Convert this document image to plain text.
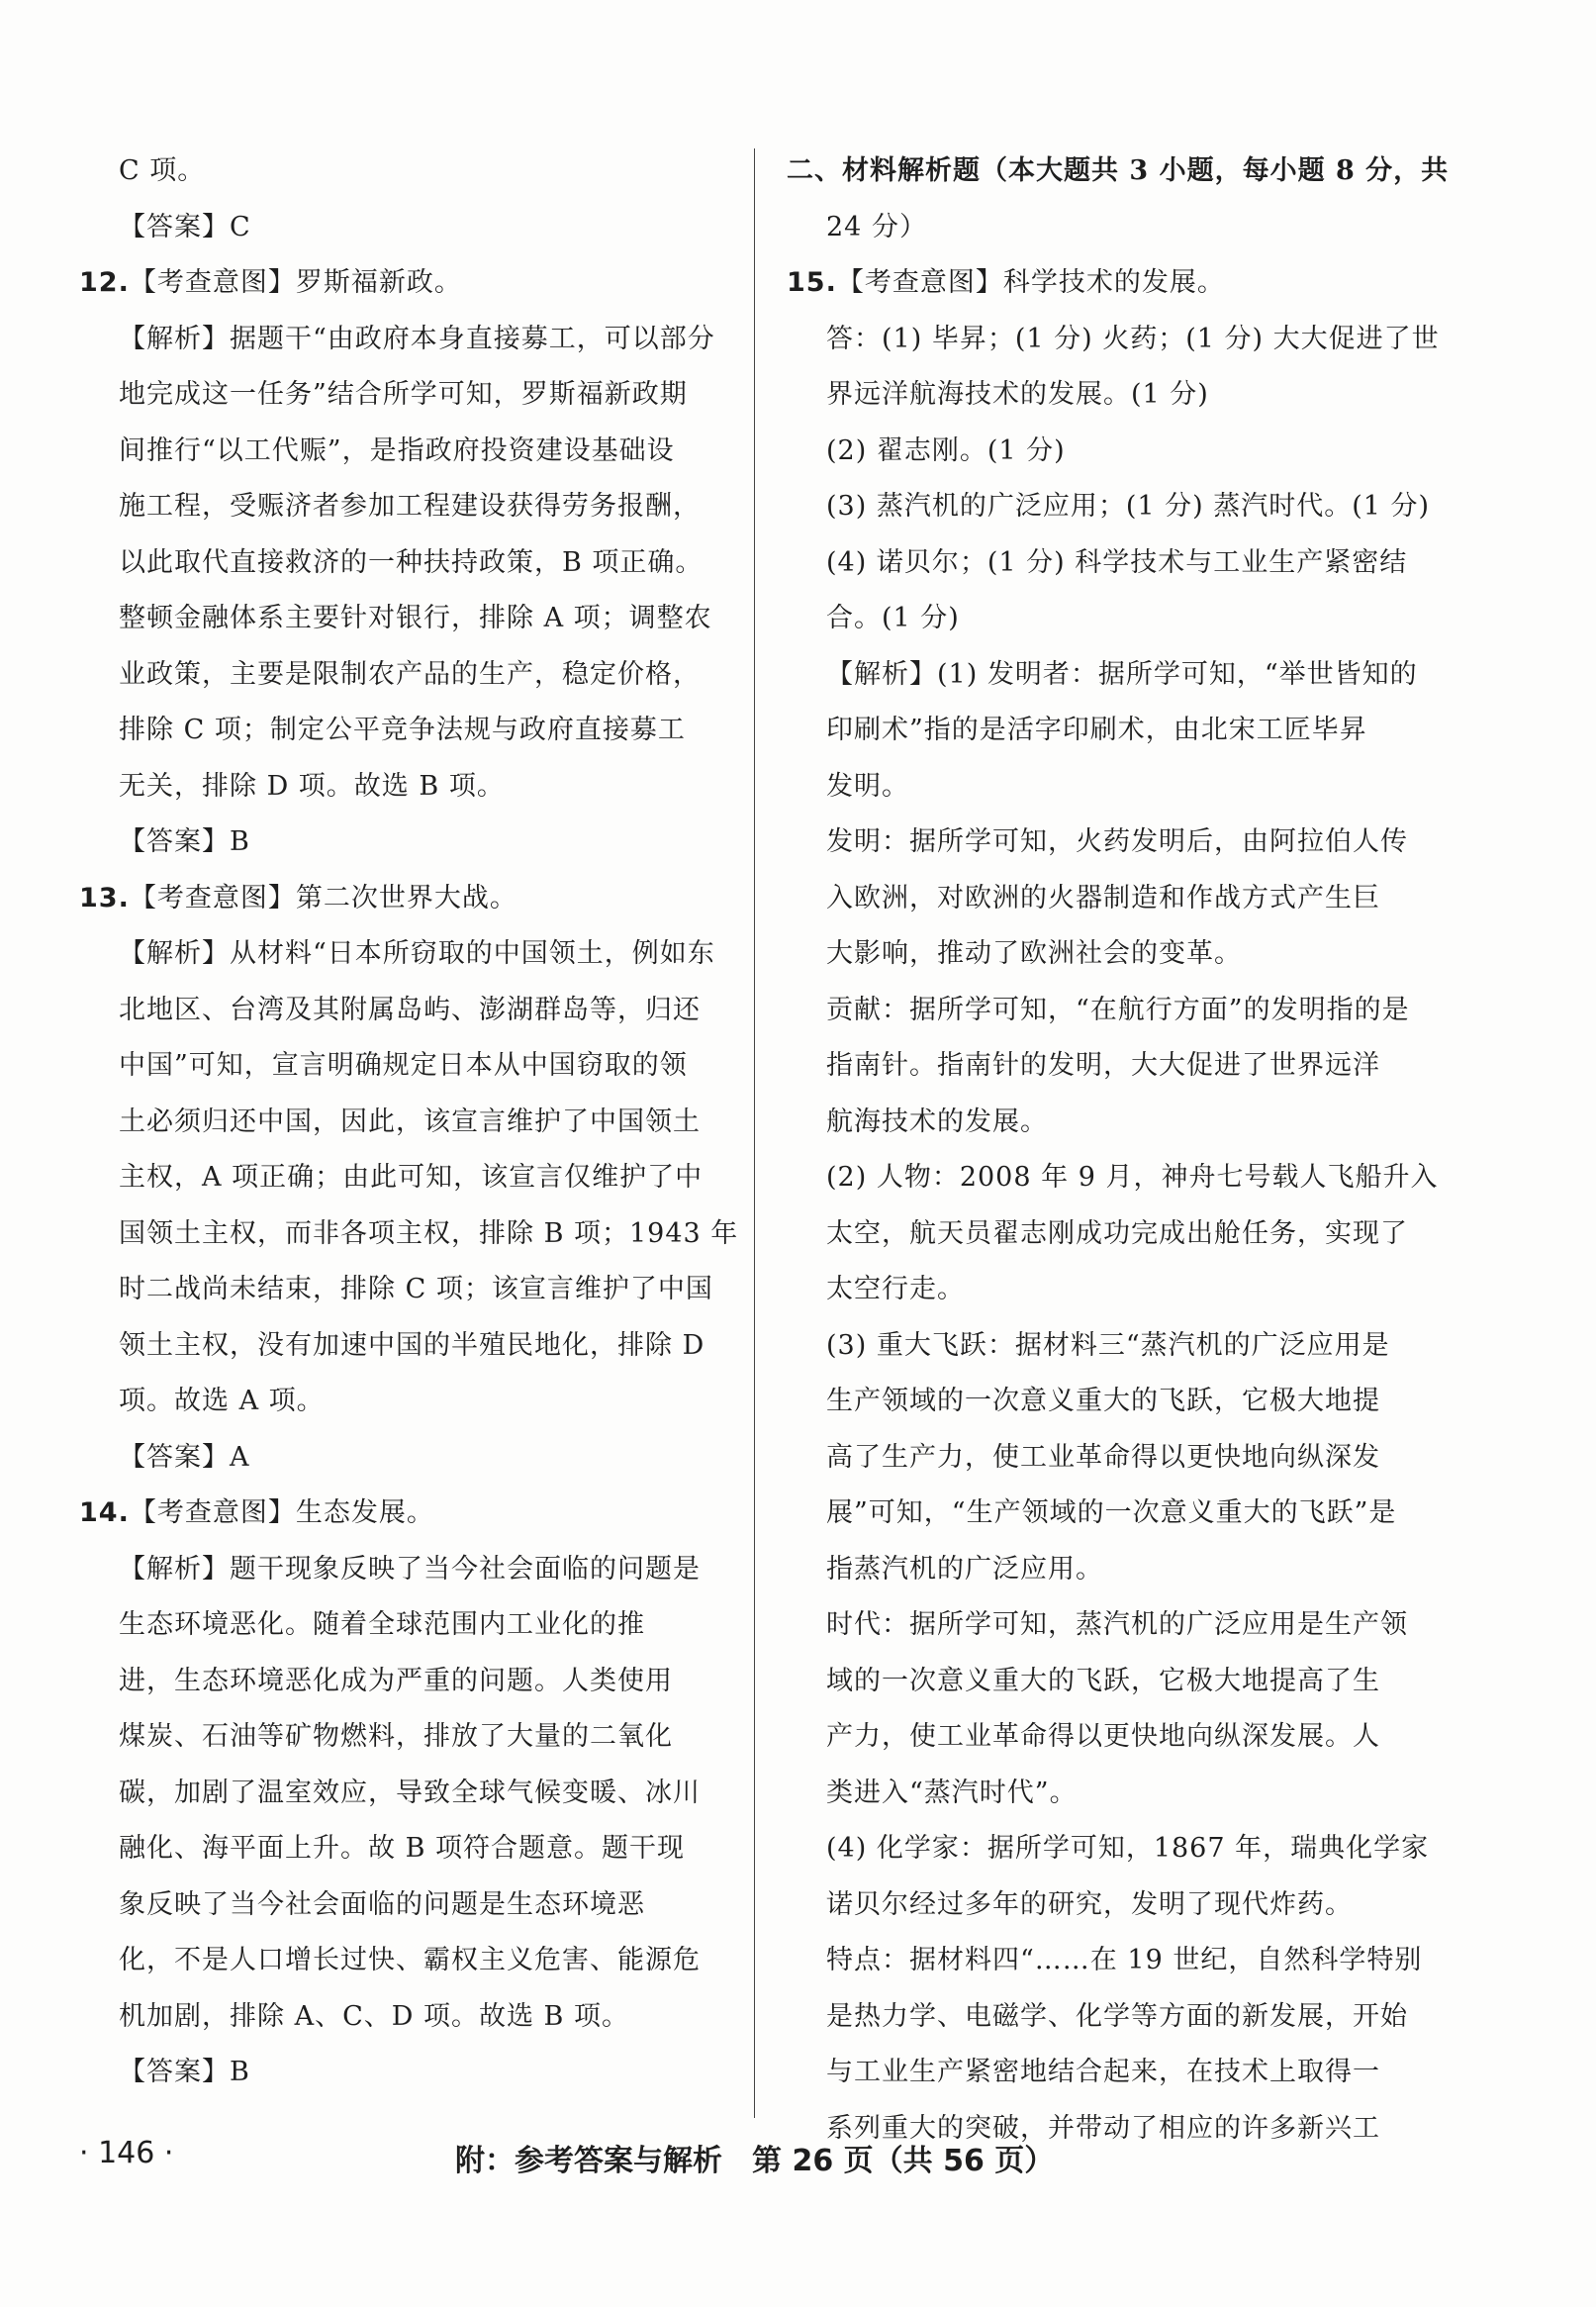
C 项。
【答案】C
12.【考查意图】罗斯福新政。
【解析】据题干“由政府本身直接募工，可以部分
地完成这一任务”结合所学可知，罗斯福新政期
间推行“以工代赈”，是指政府投资建设基础设
施工程，受赈济者参加工程建设获得劳务报酬，
以此取代直接救济的一种扶持政策，B 项正确。
整顿金融体系主要针对银行，排除 A 项；调整农
业政策，主要是限制农产品的生产，稳定价格，
排除 C 项；制定公平竞争法规与政府直接募工
无关，排除 D 项。故选 B 项。
【答案】B
13.【考查意图】第二次世界大战。
【解析】从材料“日本所窃取的中国领土，例如东
北地区、台湾及其附属岛屿、澎湖群岛等，归还
中国”可知，宣言明确规定日本从中国窃取的领
土必须归还中国，因此，该宣言维护了中国领土
主权，A 项正确；由此可知，该宣言仅维护了中
国领土主权，而非各项主权，排除 B 项；1943 年
时二战尚未结束，排除 C 项；该宣言维护了中国
领土主权，没有加速中国的半殖民地化，排除 D
项。故选 A 项。
【答案】A
14.【考查意图】生态发展。
【解析】题干现象反映了当今社会面临的问题是
生态环境恶化。随着全球范围内工业化的推
进，生态环境恶化成为严重的问题。人类使用
煤炭、石油等矿物燃料，排放了大量的二氧化
碳，加剧了温室效应，导致全球气候变暖、冰川
融化、海平面上升。故 B 项符合题意。题干现
象反映了当今社会面临的问题是生态环境恶
化，不是人口增长过快、霸权主义危害、能源危
机加剧，排除 A、C、D 项。故选 B 项。
【答案】B
二、材料解析题（本大题共 3 小题，每小题 8 分，共
24 分）
15.【考查意图】科学技术的发展。
答：(1) 毕昇；(1 分) 火药；(1 分) 大大促进了世
界远洋航海技术的发展。(1 分)
(2) 翟志刚。(1 分)
(3) 蒸汽机的广泛应用；(1 分) 蒸汽时代。(1 分)
(4) 诺贝尔；(1 分) 科学技术与工业生产紧密结
合。(1 分)
【解析】(1) 发明者：据所学可知，“举世皆知的
印刷术”指的是活字印刷术，由北宋工匠毕昇
发明。
发明：据所学可知，火药发明后，由阿拉伯人传
入欧洲，对欧洲的火器制造和作战方式产生巨
大影响，推动了欧洲社会的变革。
贡献：据所学可知，“在航行方面”的发明指的是
指南针。指南针的发明，大大促进了世界远洋
航海技术的发展。
(2) 人物：2008 年 9 月，神舟七号载人飞船升入
太空，航天员翟志刚成功完成出舱任务，实现了
太空行走。
(3) 重大飞跃：据材料三“蒸汽机的广泛应用是
生产领域的一次意义重大的飞跃，它极大地提
高了生产力，使工业革命得以更快地向纵深发
展”可知，“生产领域的一次意义重大的飞跃”是
指蒸汽机的广泛应用。
时代：据所学可知，蒸汽机的广泛应用是生产领
域的一次意义重大的飞跃，它极大地提高了生
产力，使工业革命得以更快地向纵深发展。人
类进入“蒸汽时代”。
(4) 化学家：据所学可知，1867 年，瑞典化学家
诺贝尔经过多年的研究，发明了现代炸药。
特点：据材料四“……在 19 世纪，自然科学特别
是热力学、电磁学、化学等方面的新发展，开始
与工业生产紧密地结合起来，在技术上取得一
系列重大的突破，并带动了相应的许多新兴工
· 146 ·	附：参考答案与解析　第 26 页（共 56 页）
